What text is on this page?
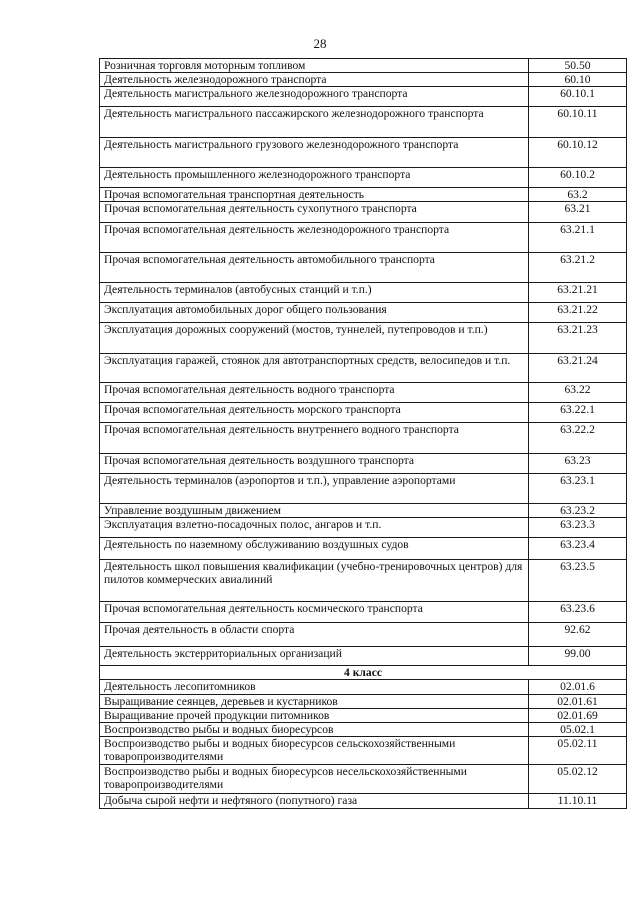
28
Розничная торговля моторным топливом	50.50
Деятельность железнодорожного транспорта	60.10
Деятельность магистрального железнодорожного транспорта	60.10.1
Деятельность магистрального пассажирского железнодорожного транспорта	60.10.11
Деятельность магистрального грузового железнодорожного транспорта	60.10.12
Деятельность промышленного железнодорожного транспорта	60.10.2
Прочая вспомогательная транспортная деятельность	63.2
Прочая вспомогательная деятельность сухопутного транспорта	63.21
Прочая вспомогательная деятельность железнодорожного транспорта	63.21.1
Прочая вспомогательная деятельность автомобильного транспорта	63.21.2
Деятельность терминалов (автобусных станций и т.п.)	63.21.21
Эксплуатация автомобильных дорог общего пользования	63.21.22
Эксплуатация дорожных сооружений (мостов, туннелей, путепроводов и т.п.)	63.21.23
Эксплуатация гаражей, стоянок для автотранспортных средств, велосипедов и т.п.	63.21.24
Прочая вспомогательная деятельность водного транспорта	63.22
Прочая вспомогательная деятельность морского транспорта	63.22.1
Прочая вспомогательная деятельность внутреннего водного транспорта	63.22.2
Прочая вспомогательная деятельность воздушного транспорта	63.23
Деятельность терминалов (аэропортов и т.п.), управление аэропортами	63.23.1
Управление воздушным движением	63.23.2
Эксплуатация взлетно-посадочных полос, ангаров и т.п.	63.23.3
Деятельность по наземному обслуживанию воздушных судов	63.23.4
Деятельность школ повышения квалификации (учебно-тренировочных центров) для пилотов коммерческих авиалиний	63.23.5
Прочая вспомогательная деятельность космического транспорта	63.23.6
Прочая деятельность в области спорта	92.62
Деятельность экстерриториальных организаций	99.00
4 класс	
Деятельность лесопитомников	02.01.6
Выращивание сеянцев, деревьев и кустарников	02.01.61
Выращивание прочей продукции питомников	02.01.69
Воспроизводство рыбы и водных биоресурсов	05.02.1
Воспроизводство рыбы и водных биоресурсов сельскохозяйственными товаропроизводителями	05.02.11
Воспроизводство рыбы и водных биоресурсов несельскохозяйственными товаропроизводителями	05.02.12
Добыча сырой нефти и нефтяного (попутного) газа	11.10.11
